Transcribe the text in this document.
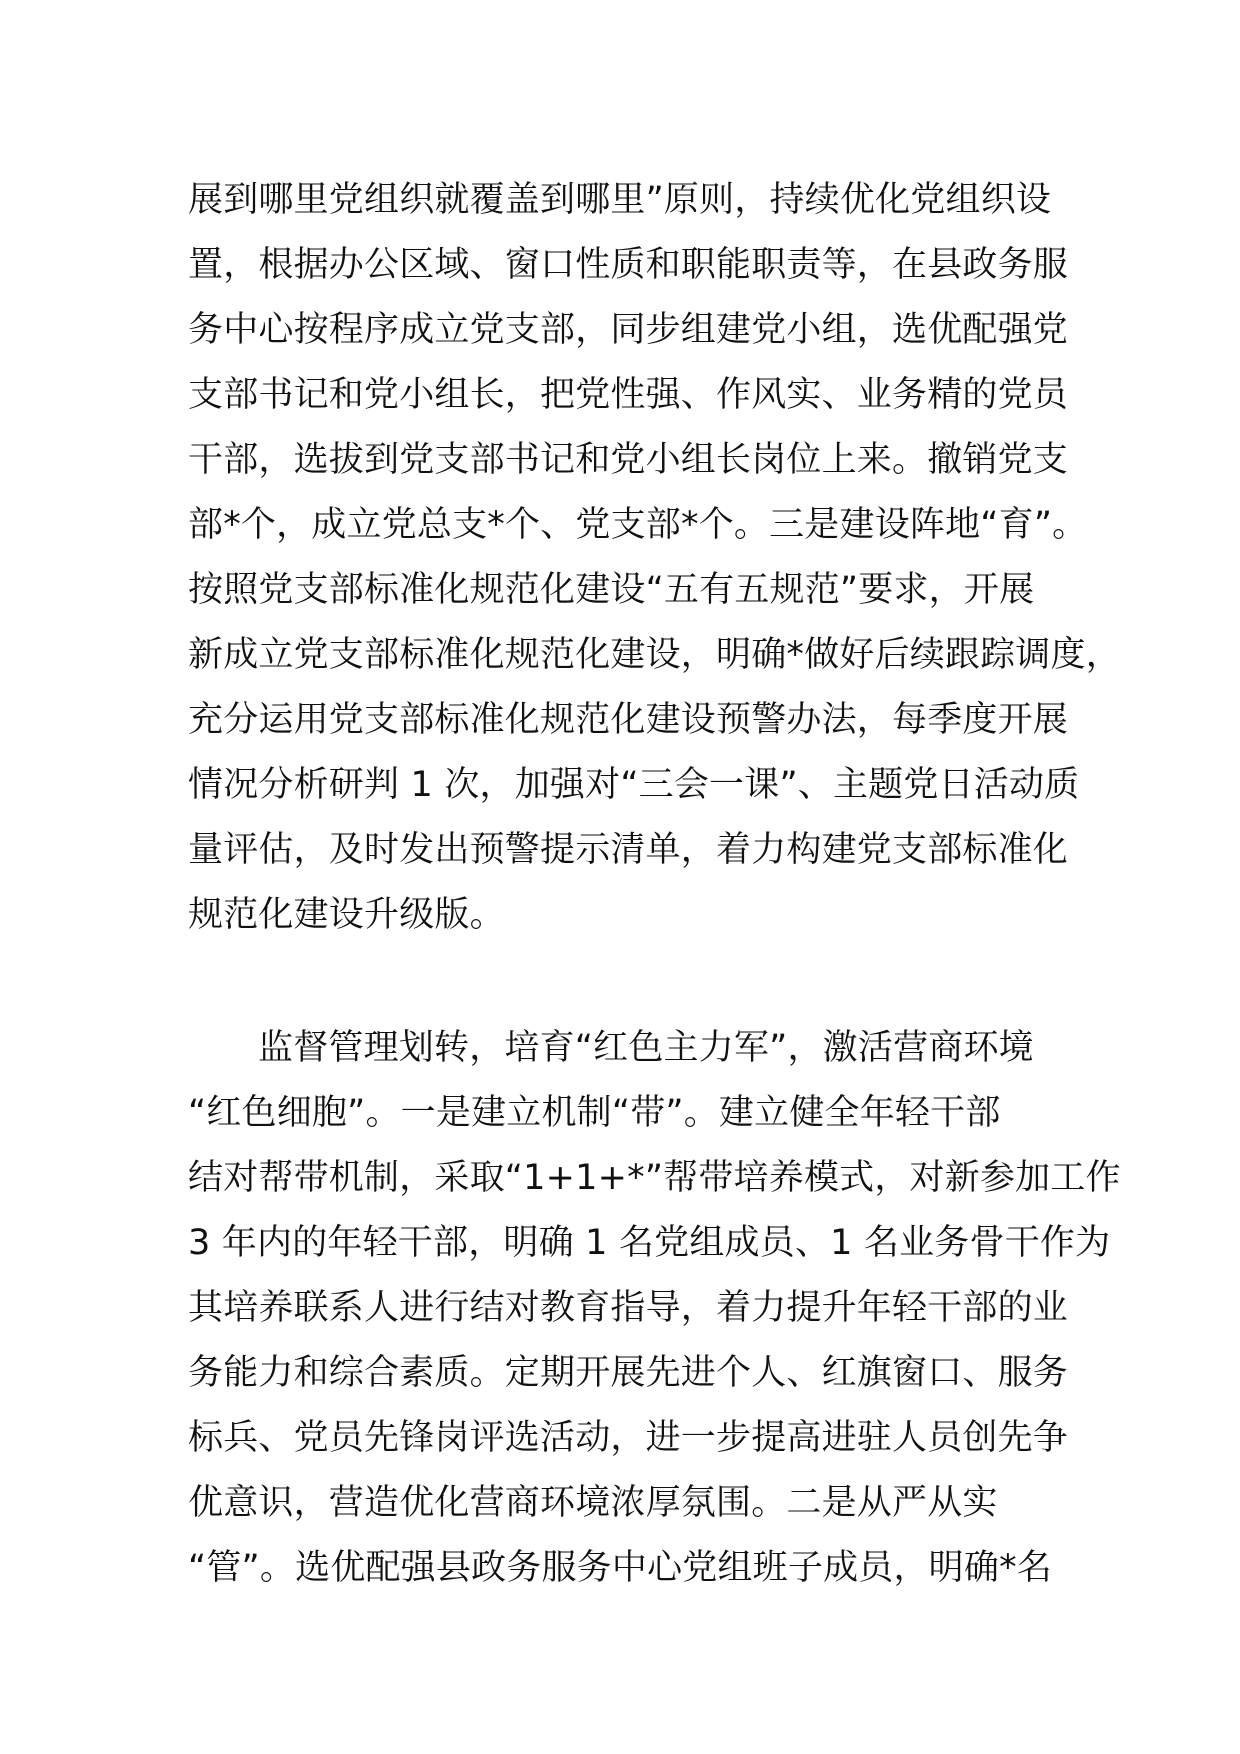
展到哪里党组织就覆盖到哪里”原则，持续优化党组织设
置，根据办公区域、窗口性质和职能职责等，在县政务服
务中心按程序成立党支部，同步组建党小组，选优配强党
支部书记和党小组长，把党性强、作风实、业务精的党员
干部，选拔到党支部书记和党小组长岗位上来。撤销党支
部*个，成立党总支*个、党支部*个。三是建设阵地“育”。
按照党支部标准化规范化建设“五有五规范”要求，开展
新成立党支部标准化规范化建设，明确*做好后续跟踪调度，
充分运用党支部标准化规范化建设预警办法，每季度开展
情况分析研判 1 次，加强对“三会一课”、主题党日活动质
量评估，及时发出预警提示清单，着力构建党支部标准化
规范化建设升级版。
监督管理划转，培育“红色主力军”，激活营商环境
“红色细胞”。一是建立机制“带”。建立健全年轻干部
结对帮带机制，采取“1+1+*”帮带培养模式，对新参加工作
3 年内的年轻干部，明确 1 名党组成员、1 名业务骨干作为
其培养联系人进行结对教育指导，着力提升年轻干部的业
务能力和综合素质。定期开展先进个人、红旗窗口、服务
标兵、党员先锋岗评选活动，进一步提高进驻人员创先争
优意识，营造优化营商环境浓厚氛围。二是从严从实
“管”。选优配强县政务服务中心党组班子成员，明确*名
